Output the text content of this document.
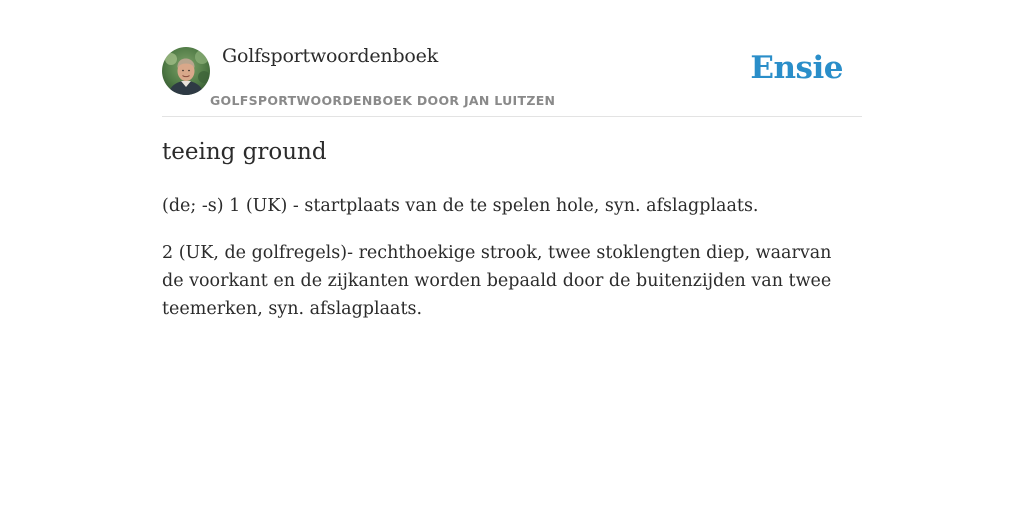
Golfsportwoordenboek
GOLFSPORTWOORDENBOEK DOOR JAN LUITZEN
Ensie
teeing ground

(de; -s) 1 (UK) - startplaats van de te spelen hole, syn. afslagplaats.

2 (UK, de golfregels)- rechthoekige strook, twee stoklengten diep, waarvan de voorkant en de zijkanten worden bepaald door de buitenzijden van twee teemerken, syn. afslagplaats.
